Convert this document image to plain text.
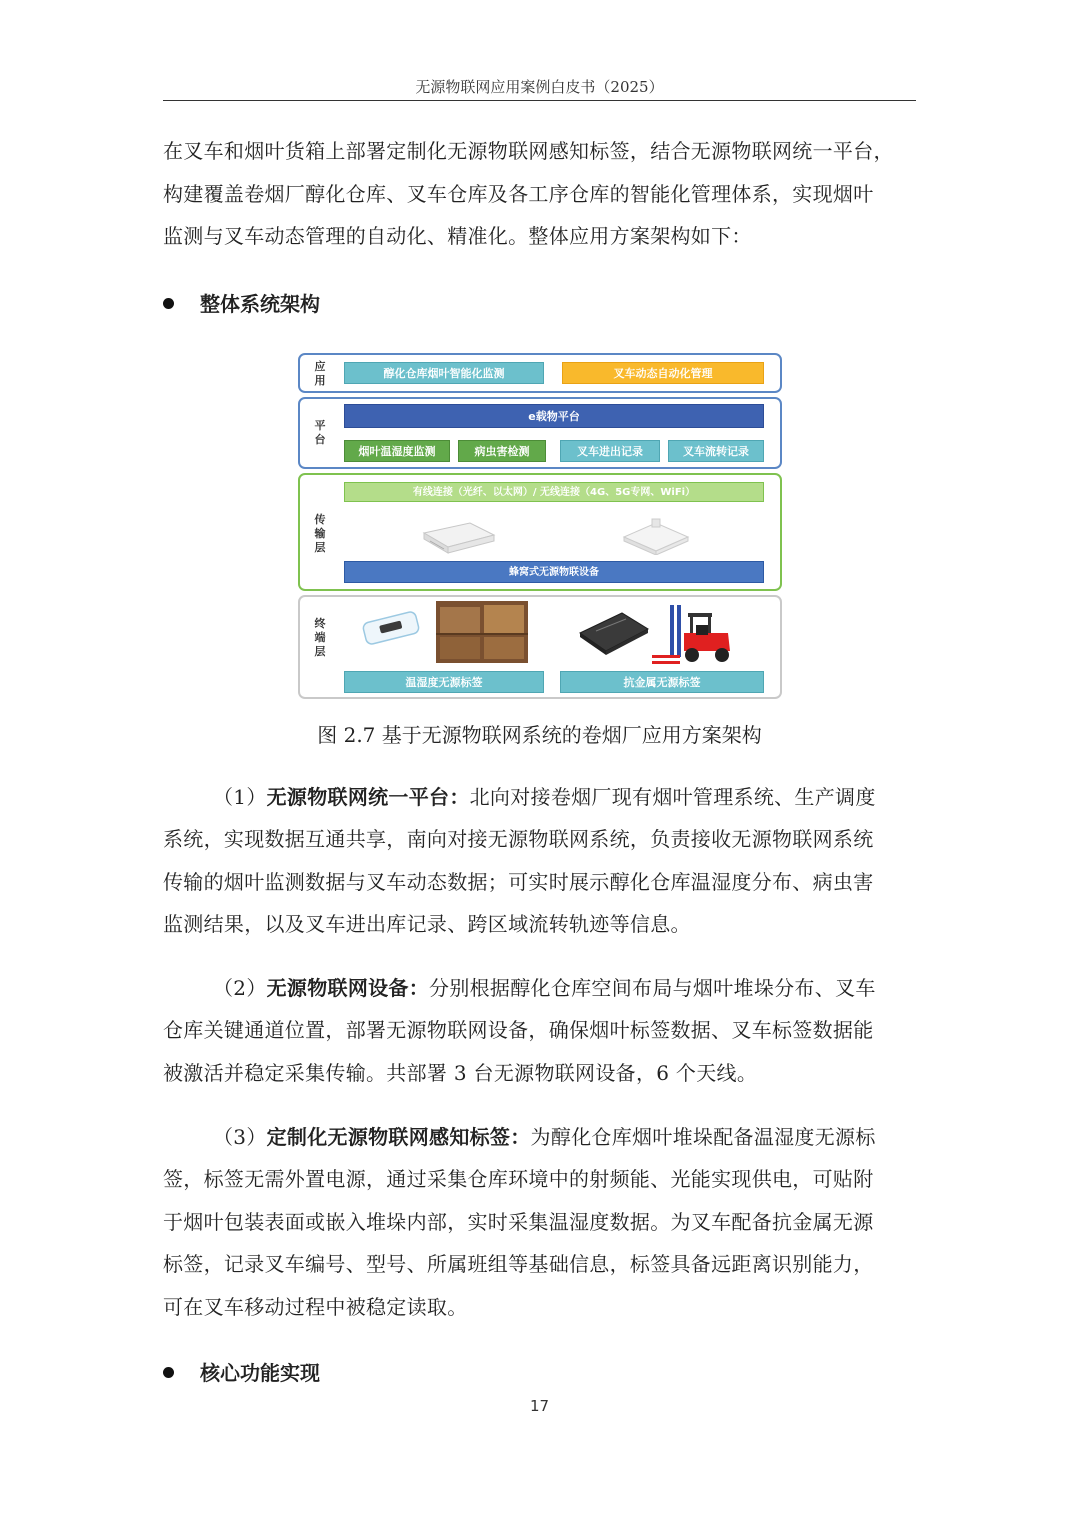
无源物联网应用案例白皮书（2025）
在叉车和烟叶货箱上部署定制化无源物联网感知标签，结合无源物联网统一平台，
构建覆盖卷烟厂醇化仓库、叉车仓库及各工序仓库的智能化管理体系，实现烟叶
监测与叉车动态管理的自动化、精准化。整体应用方案架构如下：
整体系统架构
应用
醇化仓库烟叶智能化监测	叉车动态自动化管理
平台
e载物平台
烟叶温湿度监测	病虫害检测	叉车进出记录	叉车流转记录
传输层
有线连接（光纤、以太网）/ 无线连接（4G、5G专网、WiFi）
蜂窝式无源物联设备
终端层
温湿度无源标签	抗金属无源标签
图 2.7 基于无源物联网系统的卷烟厂应用方案架构
（1）无源物联网统一平台：北向对接卷烟厂现有烟叶管理系统、生产调度
系统，实现数据互通共享，南向对接无源物联网系统，负责接收无源物联网系统
传输的烟叶监测数据与叉车动态数据；可实时展示醇化仓库温湿度分布、病虫害
监测结果，以及叉车进出库记录、跨区域流转轨迹等信息。
（2）无源物联网设备：分别根据醇化仓库空间布局与烟叶堆垛分布、叉车
仓库关键通道位置，部署无源物联网设备，确保烟叶标签数据、叉车标签数据能
被激活并稳定采集传输。共部署 3 台无源物联网设备，6 个天线。
（3）定制化无源物联网感知标签：为醇化仓库烟叶堆垛配备温湿度无源标
签，标签无需外置电源，通过采集仓库环境中的射频能、光能实现供电，可贴附
于烟叶包装表面或嵌入堆垛内部，实时采集温湿度数据。为叉车配备抗金属无源
标签，记录叉车编号、型号、所属班组等基础信息，标签具备远距离识别能力，
可在叉车移动过程中被稳定读取。
核心功能实现
17
